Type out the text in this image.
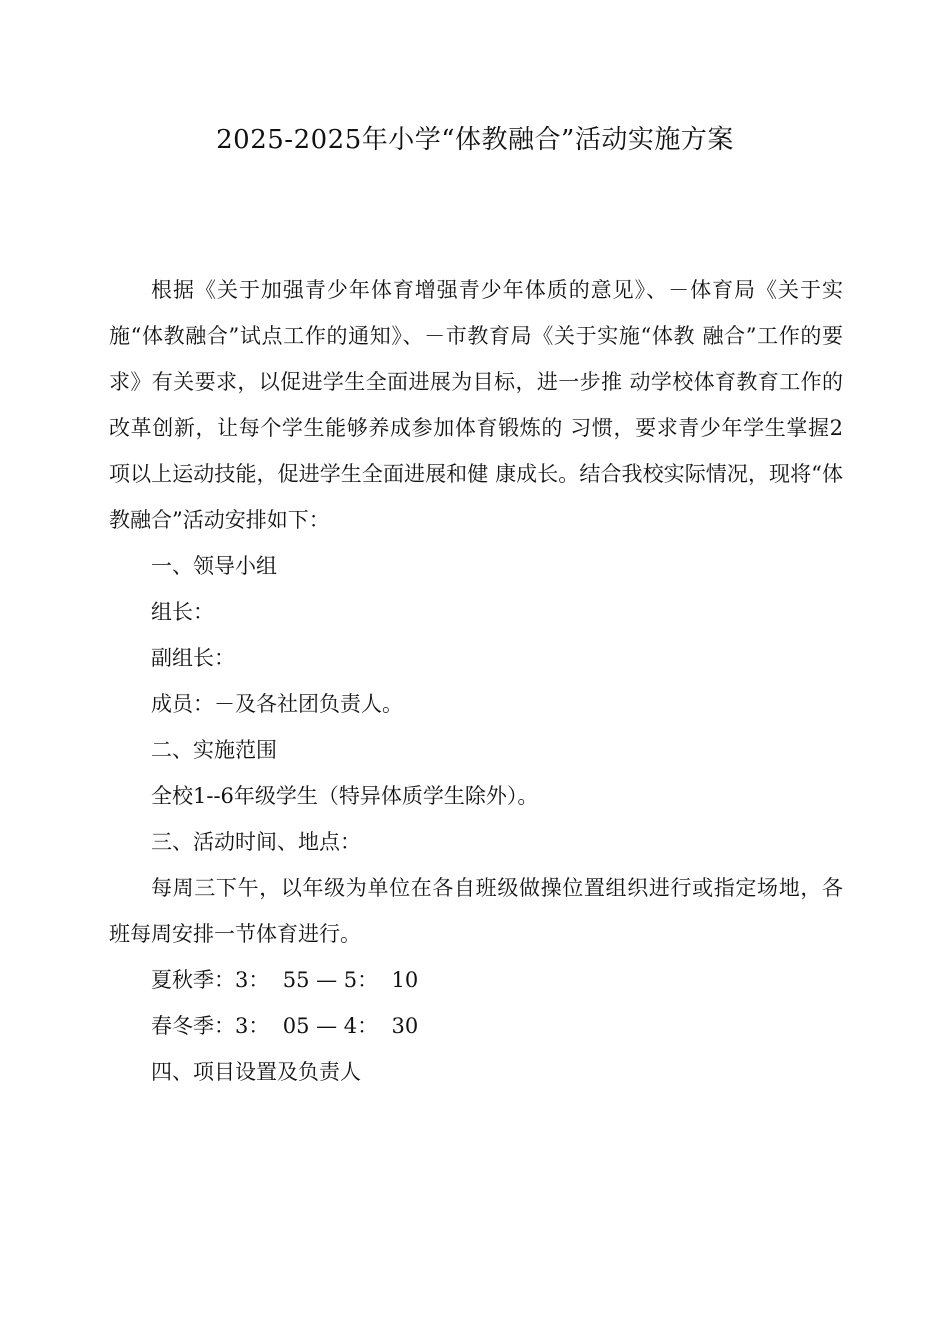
2025-2025年小学“体教融合”活动实施方案

根据《关于加强青少年体育增强青少年体质的意见》、－体育局《关于实施“体教融合”试点工作的通知》、－市教育局《关于实施“体教 融合”工作的要求》有关要求，以促进学生全面进展为目标，进一步推 动学校体育教育工作的改革创新，让每个学生能够养成参加体育锻炼的 习惯，要求青少年学生掌握2项以上运动技能，促进学生全面进展和健 康成长。结合我校实际情况，现将“体教融合”活动安排如下：

一、领导小组

组长：

副组长：

成员：－及各社团负责人。

二、实施范围

全校1--6年级学生（特异体质学生除外）。

三、活动时间、地点：

每周三下午，以年级为单位在各自班级做操位置组织进行或指定场地，各班每周安排一节体育进行。

夏秋季：3：  55 — 5：  10

春冬季：3：  05 — 4：  30

四、项目设置及负责人
